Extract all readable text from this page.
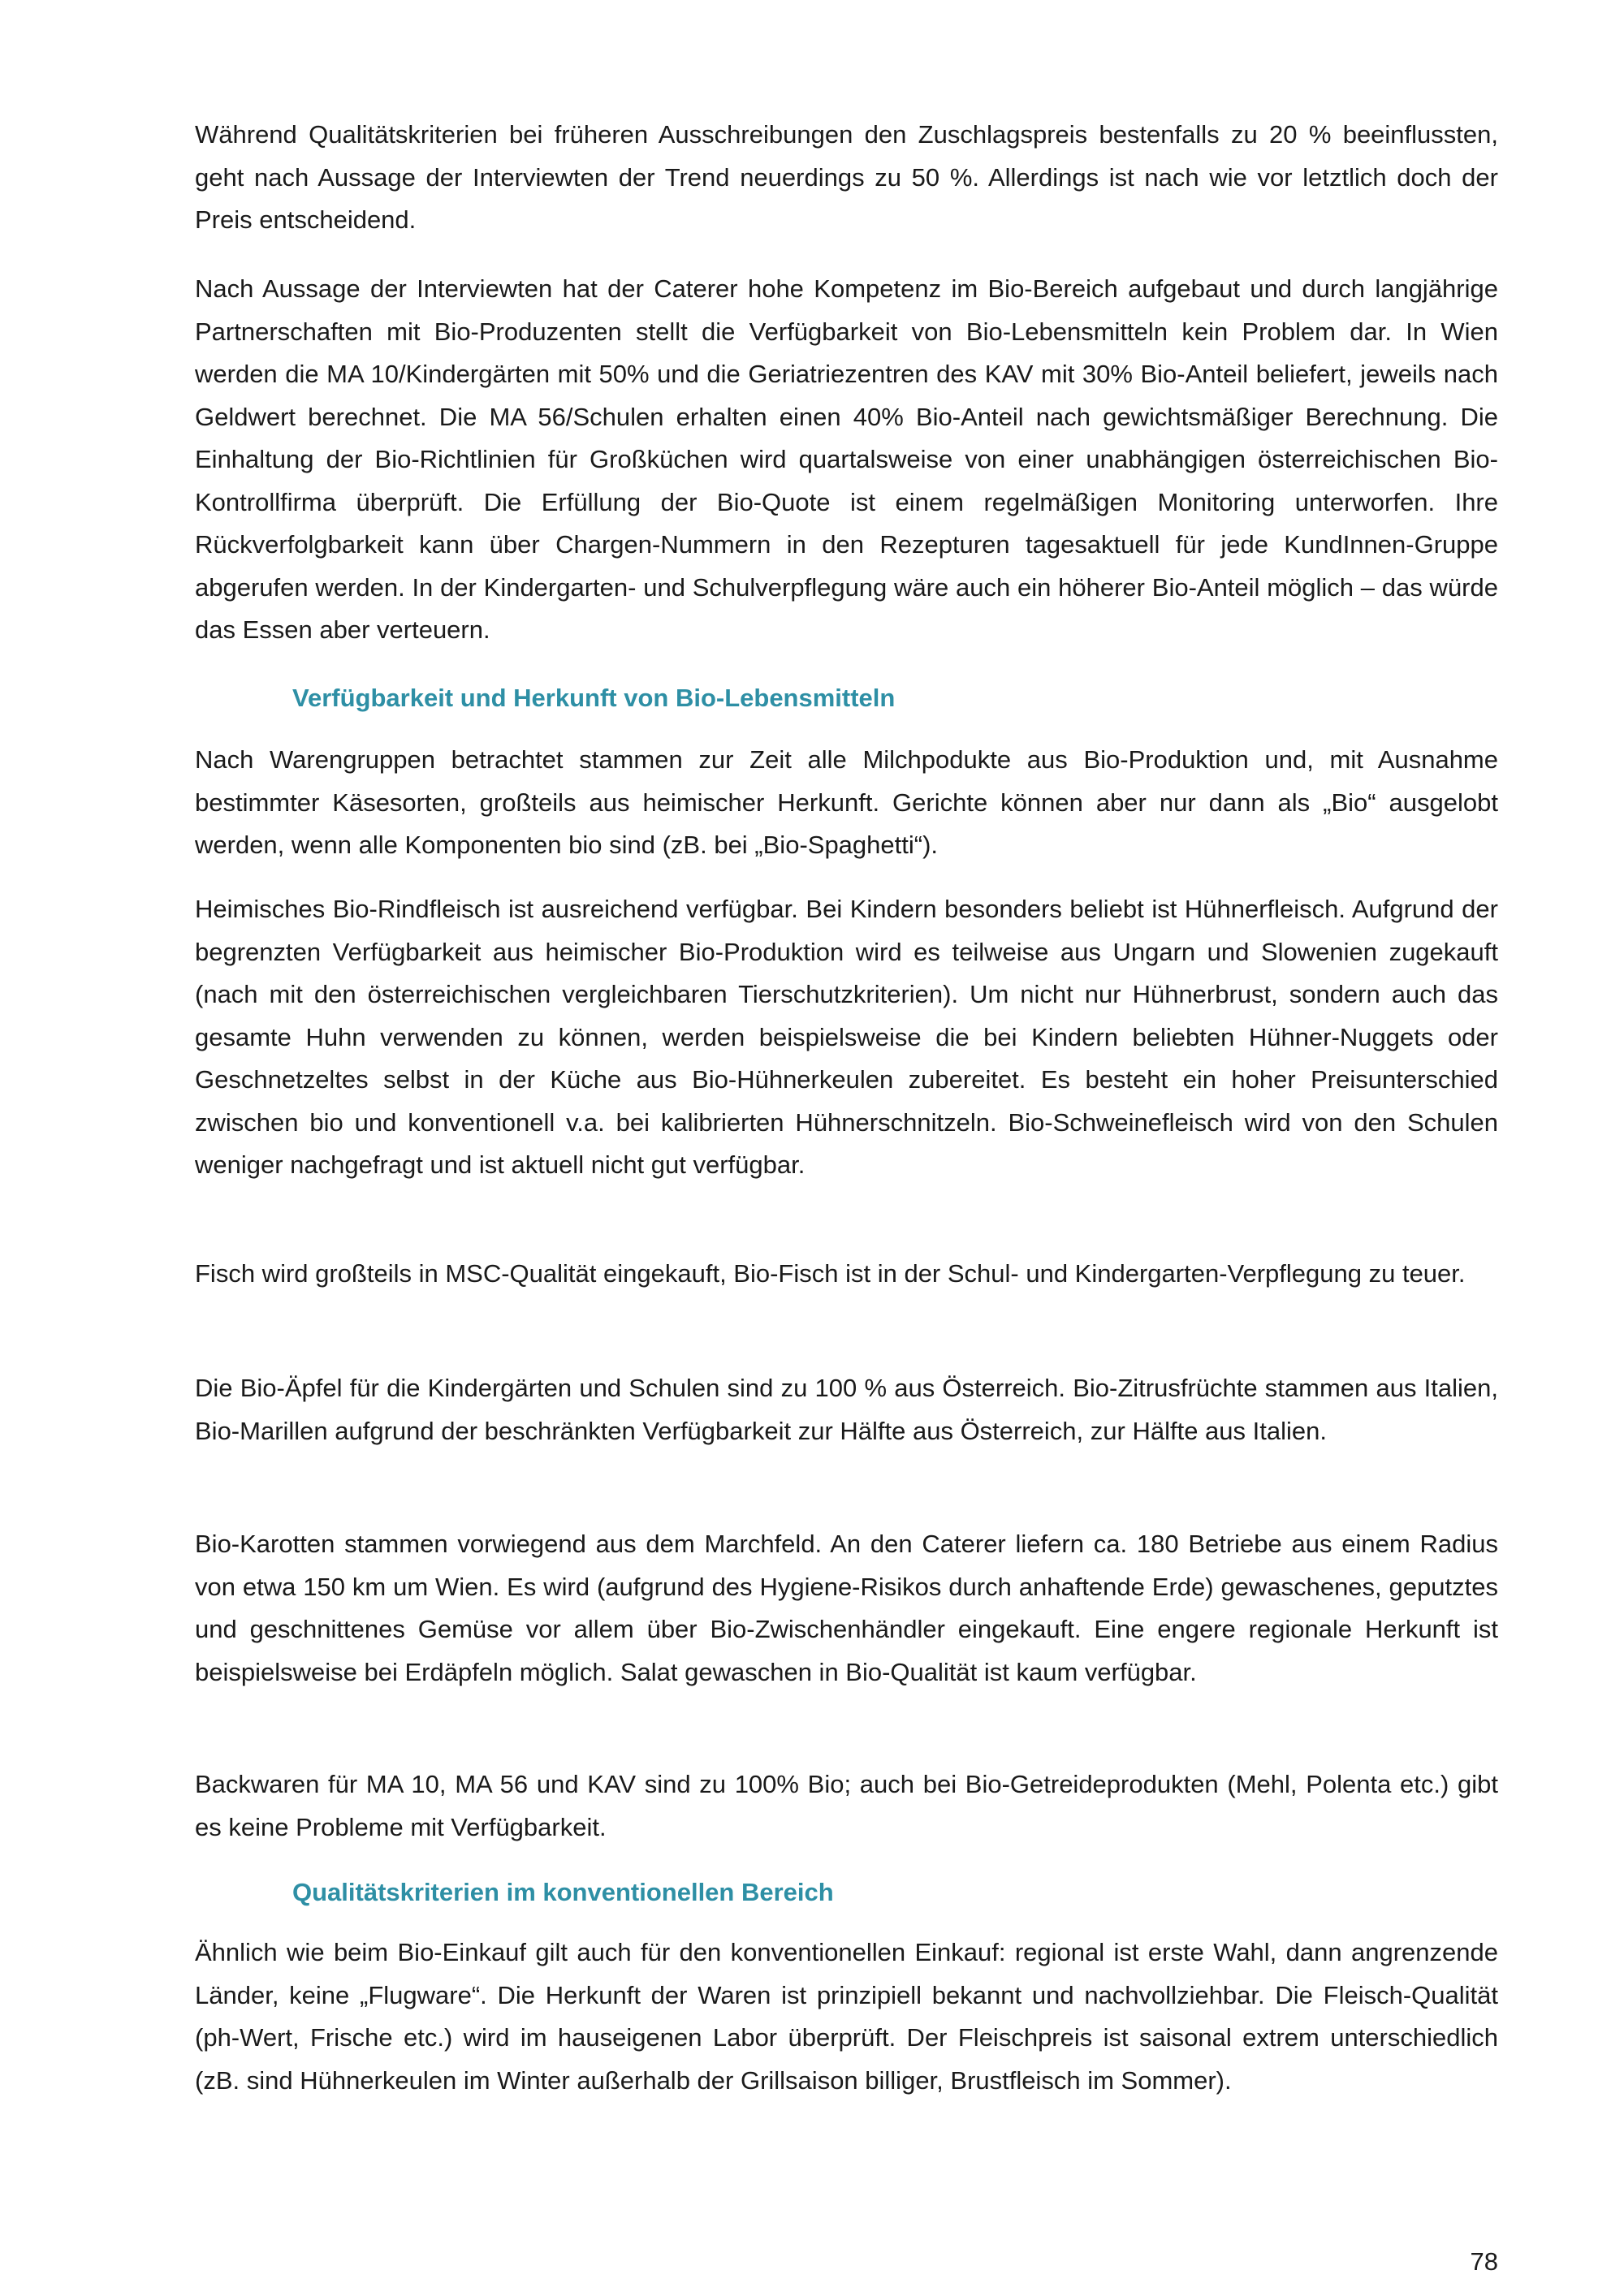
Während Qualitätskriterien bei früheren Ausschreibungen den Zuschlagspreis bestenfalls zu 20 % beeinflussten, geht nach Aussage der Interviewten der Trend neuerdings zu 50 %. Allerdings ist nach wie vor letztlich doch der Preis entscheidend.

Nach Aussage der Interviewten hat der Caterer hohe Kompetenz im Bio-Bereich aufgebaut und durch langjährige Partnerschaften mit Bio-Produzenten stellt die Verfügbarkeit von Bio-Lebensmitteln kein Problem dar. In Wien werden die MA 10/Kindergärten mit 50% und die Geriatriezentren des KAV mit 30% Bio-Anteil beliefert, jeweils nach Geldwert berechnet. Die MA 56/Schulen erhalten einen 40% Bio-Anteil nach gewichtsmäßiger Berechnung. Die Einhaltung der Bio-Richtlinien für Großküchen wird quartalsweise von einer unabhängigen österreichischen Bio-Kontrollfirma überprüft. Die Erfüllung der Bio-Quote ist einem regelmäßigen Monitoring unterworfen. Ihre Rückverfolgbarkeit kann über Chargen-Nummern in den Rezepturen tagesaktuell für jede KundInnen-Gruppe abgerufen werden. In der Kindergarten- und Schulverpflegung wäre auch ein höherer Bio-Anteil möglich – das würde das Essen aber verteuern.

Verfügbarkeit und Herkunft von Bio-Lebensmitteln

Nach Warengruppen betrachtet stammen zur Zeit alle Milchpodukte aus Bio-Produktion und, mit Ausnahme bestimmter Käsesorten, großteils aus heimischer Herkunft. Gerichte können aber nur dann als „Bio“ ausgelobt werden, wenn alle Komponenten bio sind (zB. bei „Bio-Spaghetti“).

Heimisches Bio-Rindfleisch ist ausreichend verfügbar. Bei Kindern besonders beliebt ist Hühnerfleisch. Aufgrund der begrenzten Verfügbarkeit aus heimischer Bio-Produktion wird es teilweise aus Ungarn und Slowenien zugekauft (nach mit den österreichischen vergleichbaren Tierschutzkriterien). Um nicht nur Hühnerbrust, sondern auch das gesamte Huhn verwenden zu können, werden beispielsweise die bei Kindern beliebten Hühner-Nuggets oder Geschnetzeltes selbst in der Küche aus Bio-Hühnerkeulen zubereitet. Es besteht ein hoher Preisunterschied zwischen bio und konventionell v.a. bei kalibrierten Hühnerschnitzeln. Bio-Schweinefleisch wird von den Schulen weniger nachgefragt und ist aktuell nicht gut verfügbar.

Fisch wird großteils in MSC-Qualität eingekauft, Bio-Fisch ist in der Schul- und Kindergarten-Verpflegung zu teuer.

Die Bio-Äpfel für die Kindergärten und Schulen sind zu 100 % aus Österreich. Bio-Zitrusfrüchte stammen aus Italien, Bio-Marillen aufgrund der beschränkten Verfügbarkeit zur Hälfte aus Österreich, zur Hälfte aus Italien.

Bio-Karotten stammen vorwiegend aus dem Marchfeld. An den Caterer liefern ca. 180 Betriebe aus einem Radius von etwa 150 km um Wien. Es wird (aufgrund des Hygiene-Risikos durch anhaftende Erde) gewaschenes, geputztes und geschnittenes Gemüse vor allem über Bio-Zwischenhändler eingekauft. Eine engere regionale Herkunft ist beispielsweise bei Erdäpfeln möglich. Salat gewaschen in Bio-Qualität ist kaum verfügbar.

Backwaren für MA 10, MA 56 und KAV sind zu 100% Bio; auch bei Bio-Getreideprodukten (Mehl, Polenta etc.) gibt es keine Probleme mit Verfügbarkeit.

Qualitätskriterien im konventionellen Bereich

Ähnlich wie beim Bio-Einkauf gilt auch für den konventionellen Einkauf: regional ist erste Wahl, dann angrenzende Länder, keine „Flugware“. Die Herkunft der Waren ist prinzipiell bekannt und nachvollziehbar. Die Fleisch-Qualität (ph-Wert, Frische etc.) wird im hauseigenen Labor überprüft. Der Fleischpreis ist saisonal extrem unterschiedlich (zB. sind Hühnerkeulen im Winter außerhalb der Grillsaison billiger, Brustfleisch im Sommer).

78
